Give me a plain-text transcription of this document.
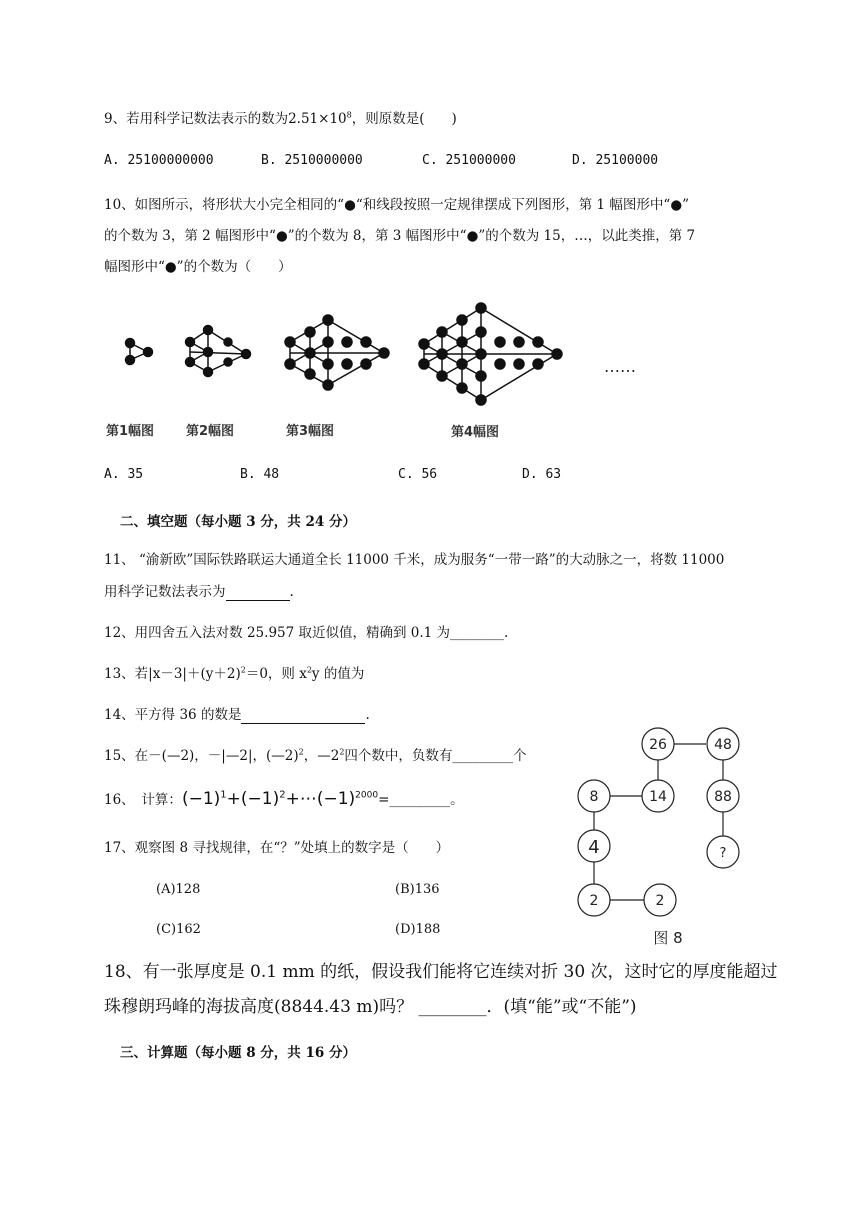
9、若用科学记数法表示的数为$2.51\times 10^8$，则原数是(　　)
A. 25100000000	B. 2510000000	C. 251000000	D. 25100000
10、如图所示，将形状大小完全相同的“●“和线段按照一定规律摆成下列图形，第 1 幅图形中“●”
的个数为 3，第 2 幅图形中“●”的个数为 8，第 3 幅图形中“●”的个数为 15，…，以此类推，第 7
幅图形中“●”的个数为（　　）
……
第1幅图 第2幅图	第3幅图	第4幅图
A. 35	B. 48	C. 56	D. 63
二、填空题（每小题 3 分，共 24 分）
11、 “渝新欧”国际铁路联运大通道全长 11000 千米，成为服务“一带一路”的大动脉之一，将数 11000
用科学记数法表示为	.
12、用四舍五入法对数 25.957 取近似值，精确到 0.1 为________.
13、若$|x-3|+(y+2)^2=0$，则 $x^2y$ 的值为
14、平方得 36 的数是	.
15、在－(—2)，－|—2|，(—2)$^2$，$—2^2$四个数中，负数有_________个
16、　计算：$(-1)^1+(-1)^2+\cdots(-1)^{2000}=\_\_\_\_\_\_\_\_\_$。
17、观察图 8 寻找规律，在“？”处填上的数字是（　　）
(A)128	(B)136
(C)162	(D)188
26	48
8	14	88
4	?
2	2
图 8
18、有一张厚度是 0.1 mm 的纸，假设我们能将它连续对折 30 次，这时它的厚度能超过
珠穆朗玛峰的海拔高度(8844.43 m)吗？ ________．(填“能”或“不能”)
三、计算题（每小题 8 分，共 16 分）
